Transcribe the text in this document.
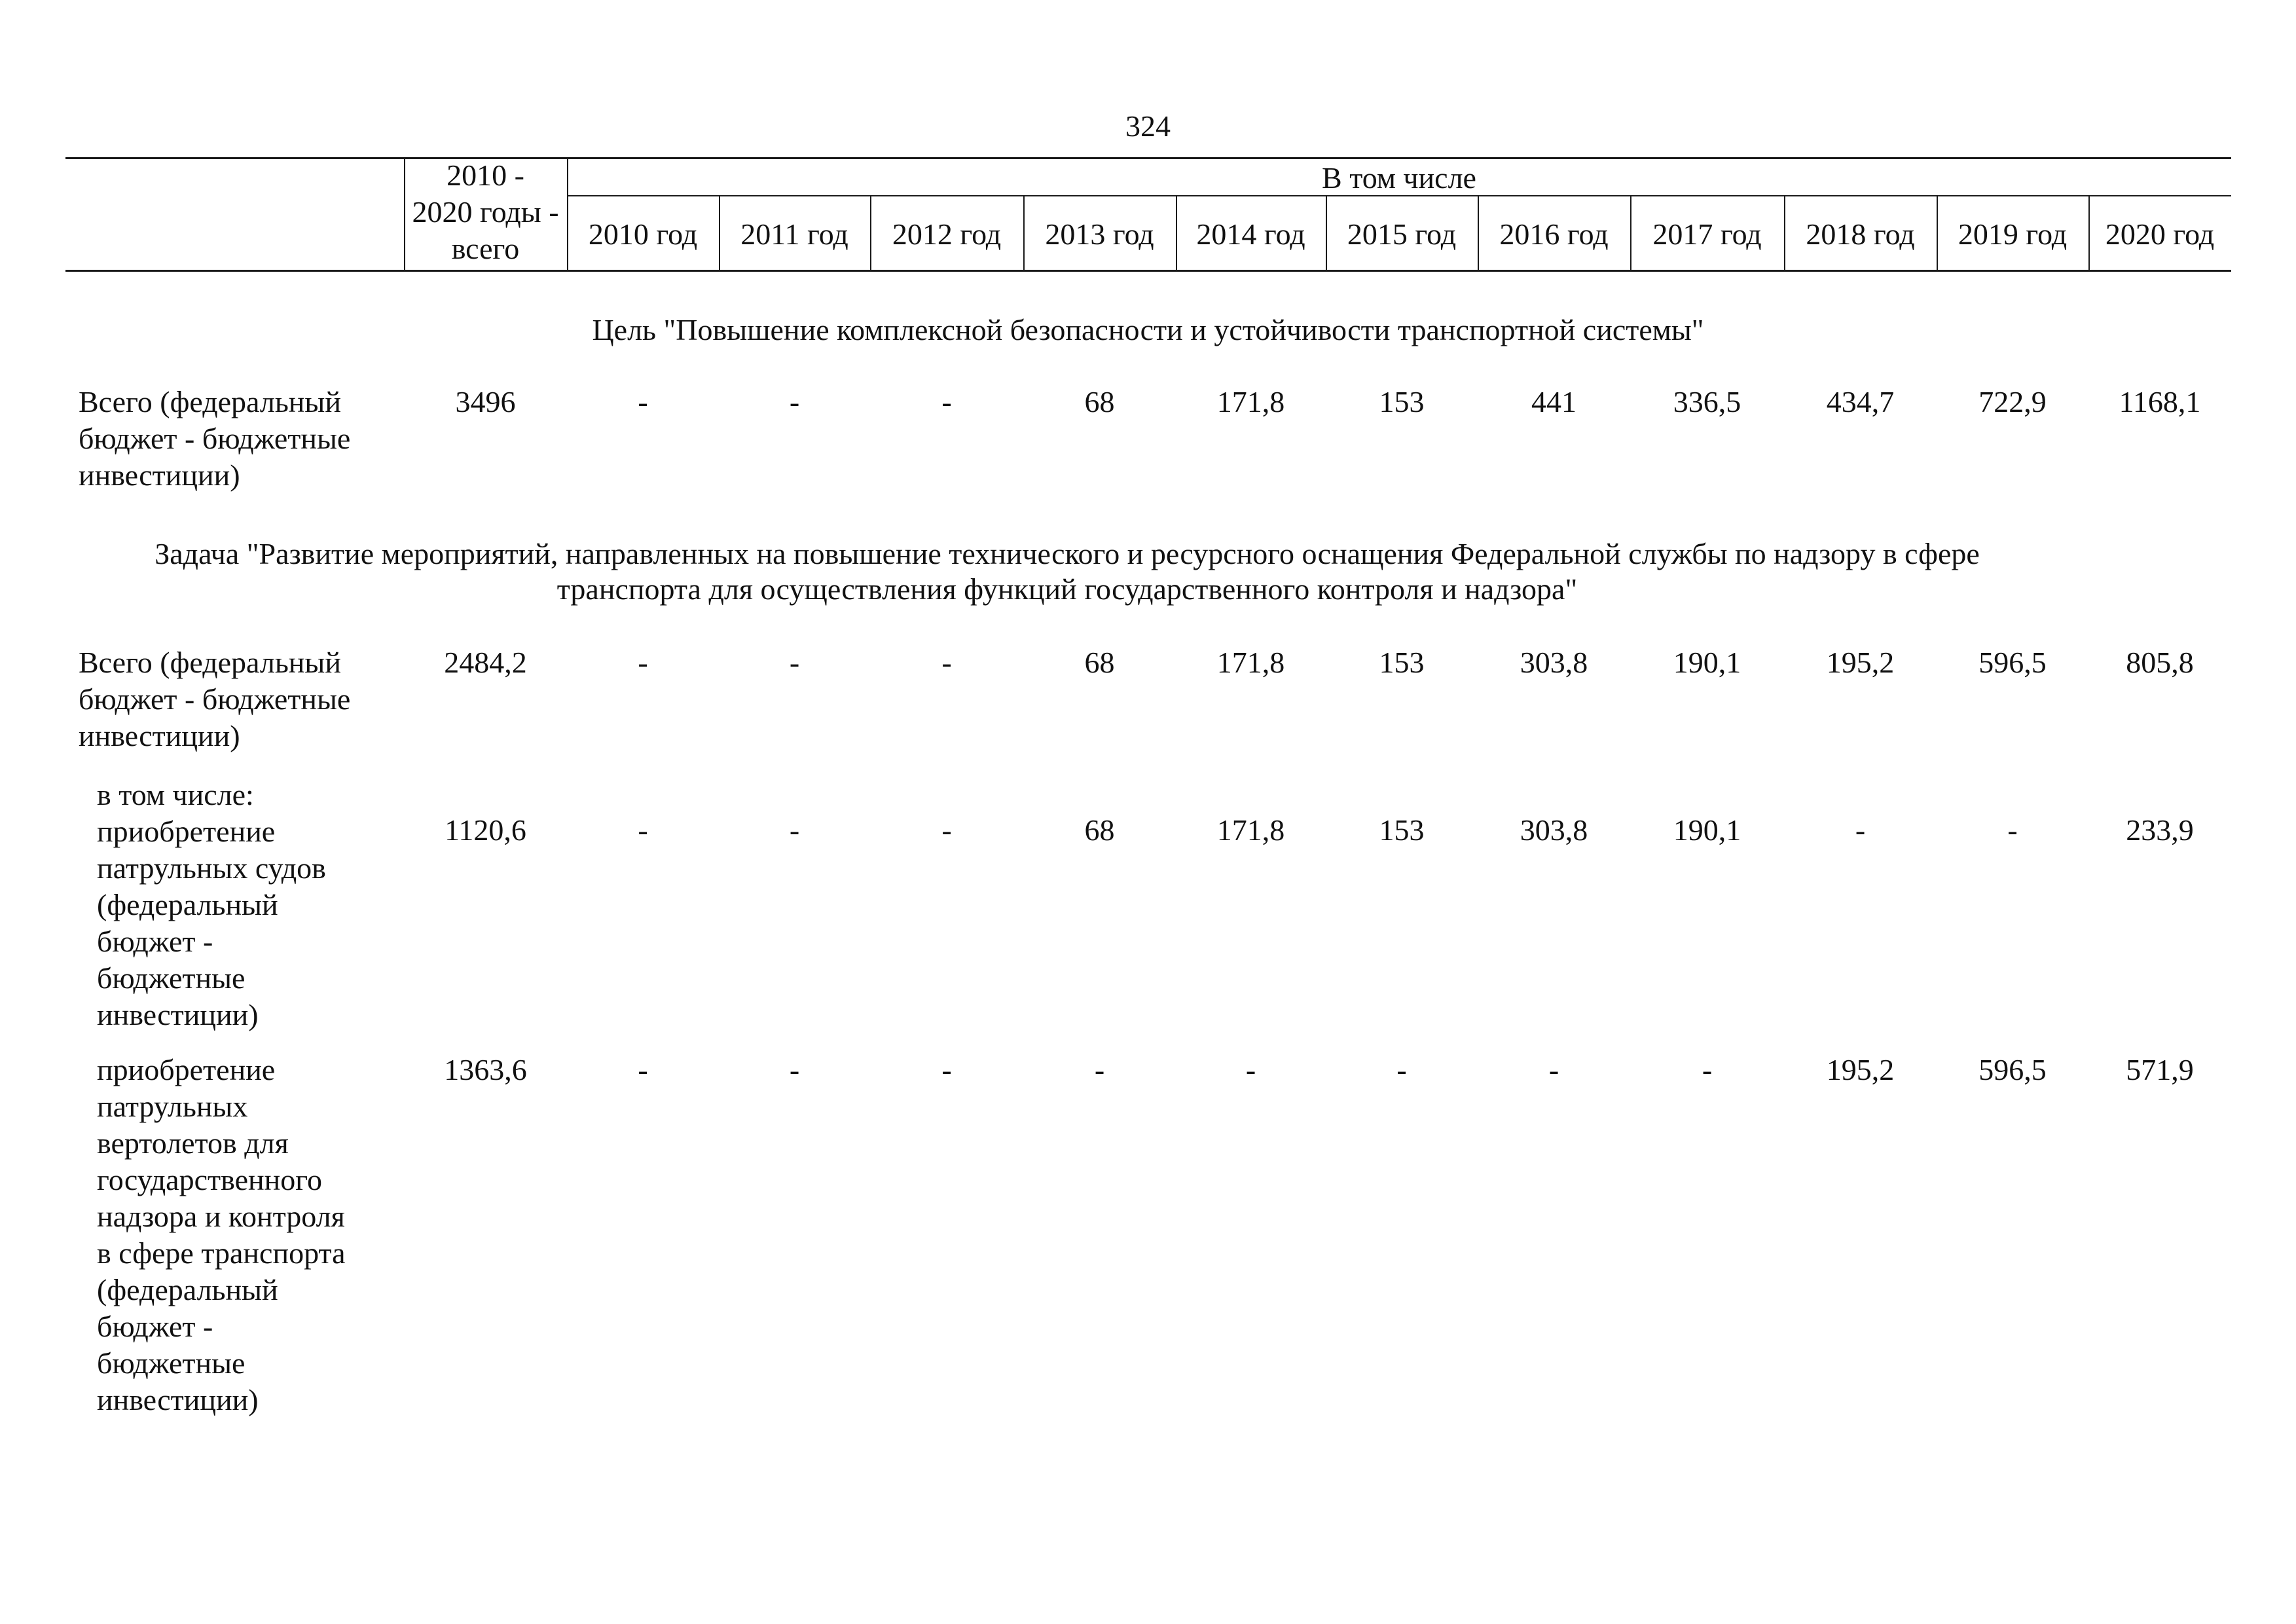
324
2010 -
2020 годы -
всего
В том числе
2010 год	2011 год	2012 год	2013 год	2014 год	2015 год	2016 год	2017 год	2018 год	2019 год	2020 год
Цель "Повышение комплексной безопасности и устойчивости транспортной системы"
Всего (федеральный
бюджет - бюджетные
инвестиции)
3496	-	-	-	68	171,8	153	441	336,5	434,7	722,9	1168,1
Задача "Развитие мероприятий, направленных на повышение технического и ресурсного оснащения Федеральной службы по надзору в сфере
транспорта для осуществления функций государственного контроля и надзора"
Всего (федеральный
бюджет - бюджетные
инвестиции)
2484,2	-	-	-	68	171,8	153	303,8	190,1	195,2	596,5	805,8
в том числе:
приобретение
патрульных судов
(федеральный
бюджет -
бюджетные
инвестиции)
1120,6	-	-	-	68	171,8	153	303,8	190,1	-	-	233,9
приобретение
патрульных
вертолетов для
государственного
надзора и контроля
в сфере транспорта
(федеральный
бюджет -
бюджетные
инвестиции)
1363,6	-	-	-	-	-	-	-	-	195,2	596,5	571,9
